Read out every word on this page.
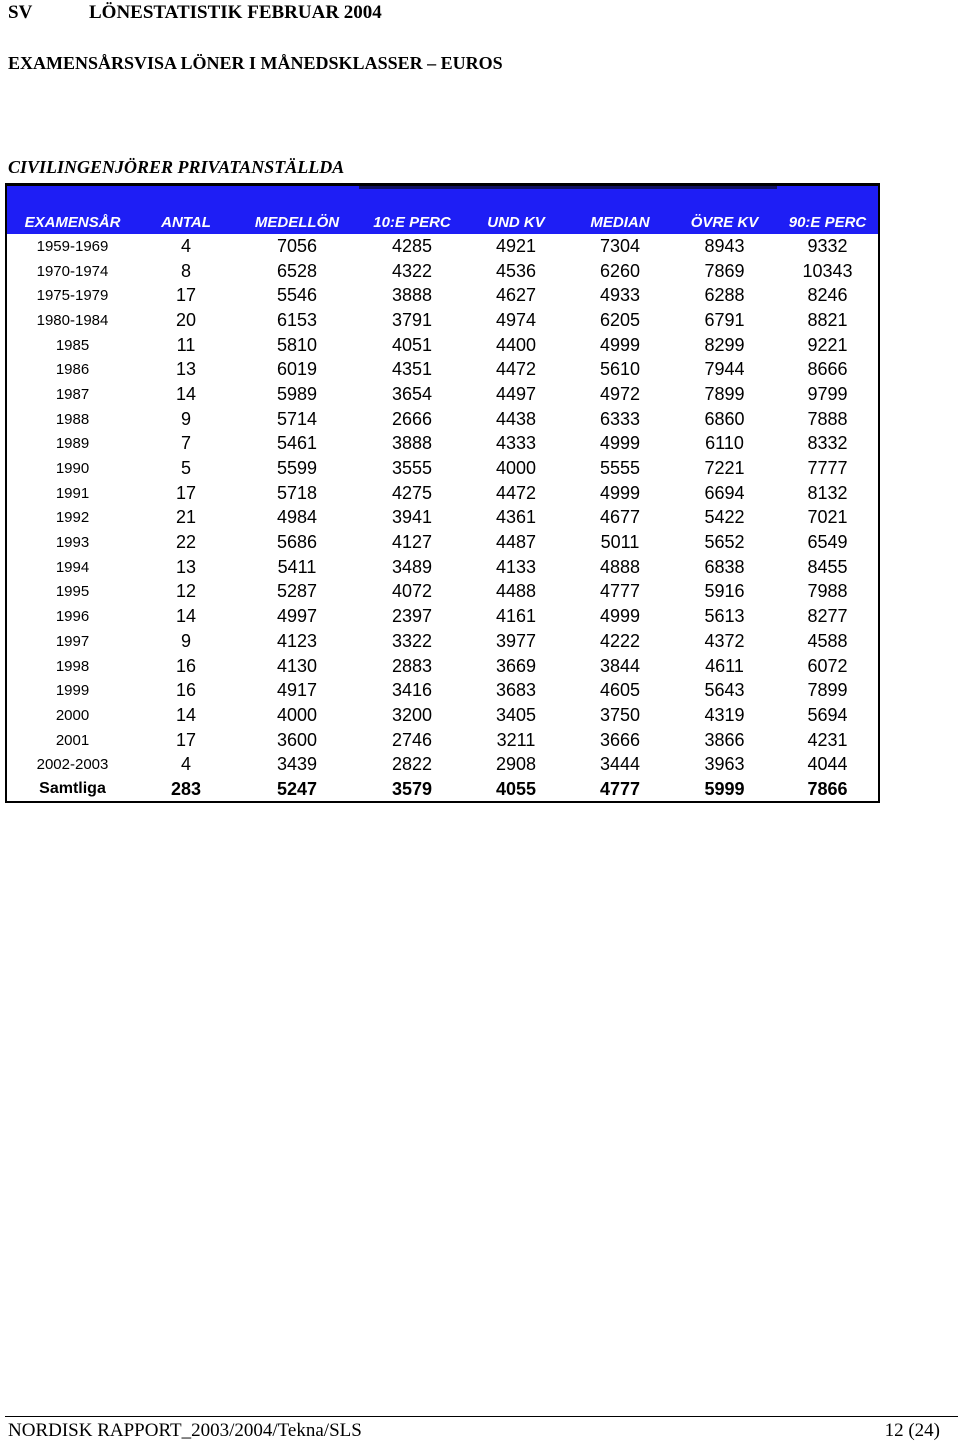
SV	LÖNESTATISTIK FEBRUAR 2004
EXAMENSÅRSVISA LÖNER I MÅNEDSKLASSER – EUROS
CIVILINGENJÖRER PRIVATANSTÄLLDA
EXAMENSÅR	ANTAL	MEDELLÖN	10:E PERC	UND KV	MEDIAN	ÖVRE KV	90:E PERC
1959-1969	4	7056	4285	4921	7304	8943	9332
1970-1974	8	6528	4322	4536	6260	7869	10343
1975-1979	17	5546	3888	4627	4933	6288	8246
1980-1984	20	6153	3791	4974	6205	6791	8821
1985	11	5810	4051	4400	4999	8299	9221
1986	13	6019	4351	4472	5610	7944	8666
1987	14	5989	3654	4497	4972	7899	9799
1988	9	5714	2666	4438	6333	6860	7888
1989	7	5461	3888	4333	4999	6110	8332
1990	5	5599	3555	4000	5555	7221	7777
1991	17	5718	4275	4472	4999	6694	8132
1992	21	4984	3941	4361	4677	5422	7021
1993	22	5686	4127	4487	5011	5652	6549
1994	13	5411	3489	4133	4888	6838	8455
1995	12	5287	4072	4488	4777	5916	7988
1996	14	4997	2397	4161	4999	5613	8277
1997	9	4123	3322	3977	4222	4372	4588
1998	16	4130	2883	3669	3844	4611	6072
1999	16	4917	3416	3683	4605	5643	7899
2000	14	4000	3200	3405	3750	4319	5694
2001	17	3600	2746	3211	3666	3866	4231
2002-2003	4	3439	2822	2908	3444	3963	4044
Samtliga	283	5247	3579	4055	4777	5999	7866
NORDISK RAPPORT_2003/2004/Tekna/SLS	12 (24)
